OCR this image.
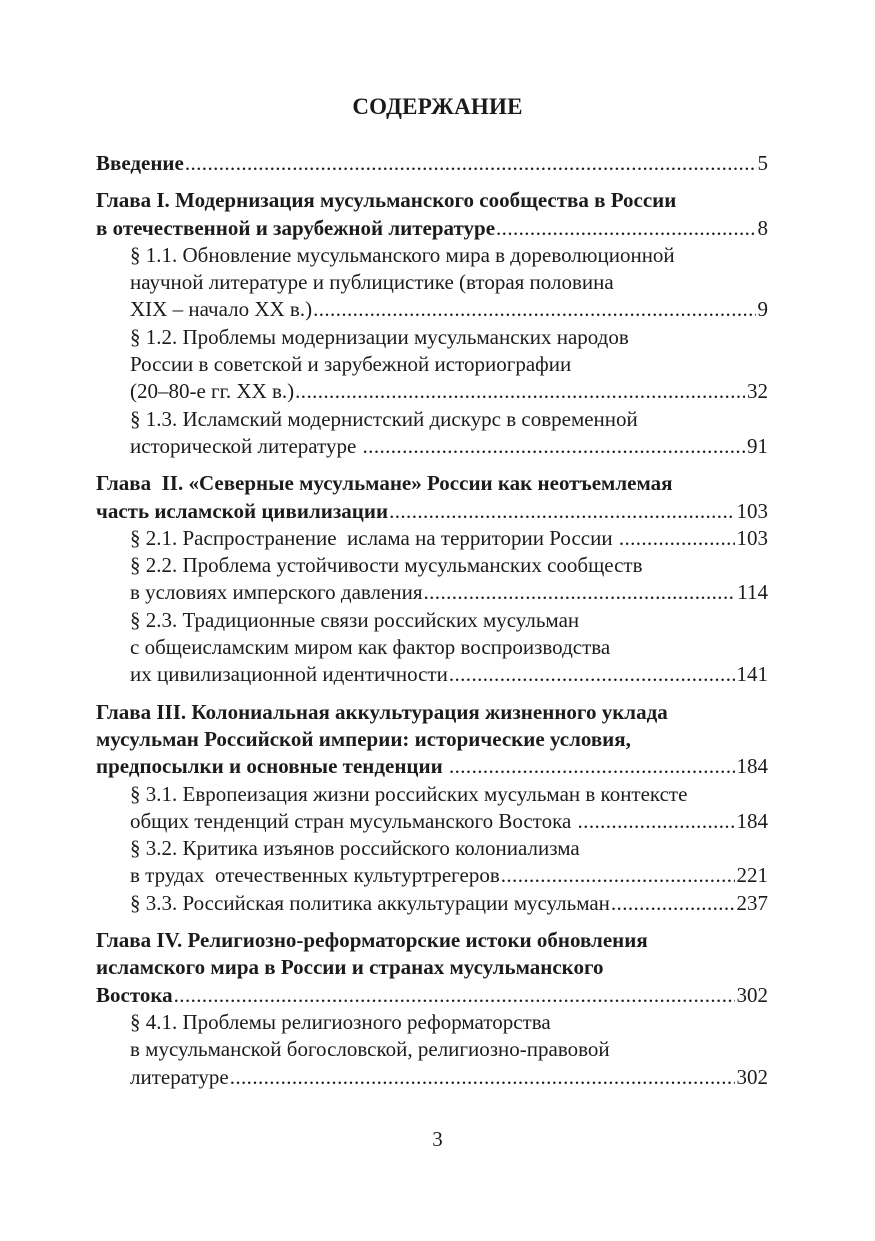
СОДЕРЖАНИЕ
Введение .....	5
Глава I. Модернизация мусульманского сообщества в России
в отечественной и зарубежной литературе .....	8
§ 1.1. Обновление мусульманского мира в дореволюционной
научной литературе и публицистике (вторая половина
XIX – начало XX в.) .....	9
§ 1.2. Проблемы модернизации мусульманских народов
России в советской и зарубежной историографии
(20–80-е гг. XX в.) .....	32
§ 1.3. Исламский модернистский дискурс в современной
исторической литературе .....	91
Глава  II. «Северные мусульмане» России как неотъемлемая
часть исламской цивилизации .....	103
§ 2.1. Распространение  ислама на территории России .....	103
§ 2.2. Проблема устойчивости мусульманских сообществ
в условиях имперского давления .....	114
§ 2.3. Традиционные связи российских мусульман
с общеисламским миром как фактор воспроизводства
их цивилизационной идентичности .....	141
Глава III. Колониальная аккультурация жизненного уклада
мусульман Российской империи: исторические условия,
предпосылки и основные тенденции .....	184
§ 3.1. Европеизация жизни российских мусульман в контексте
общих тенденций стран мусульманского Востока .....	184
§ 3.2. Критика изъянов российского колониализма
в трудах  отечественных культуртрегеров .....	221
§ 3.3. Российская политика аккультурации мусульман .....	237
Глава IV. Религиозно-реформаторские истоки обновления
исламского мира в России и странах мусульманского
Востока .....	302
§ 4.1. Проблемы религиозного реформаторства
в мусульманской богословской, религиозно-правовой
литературе .....	302
3
